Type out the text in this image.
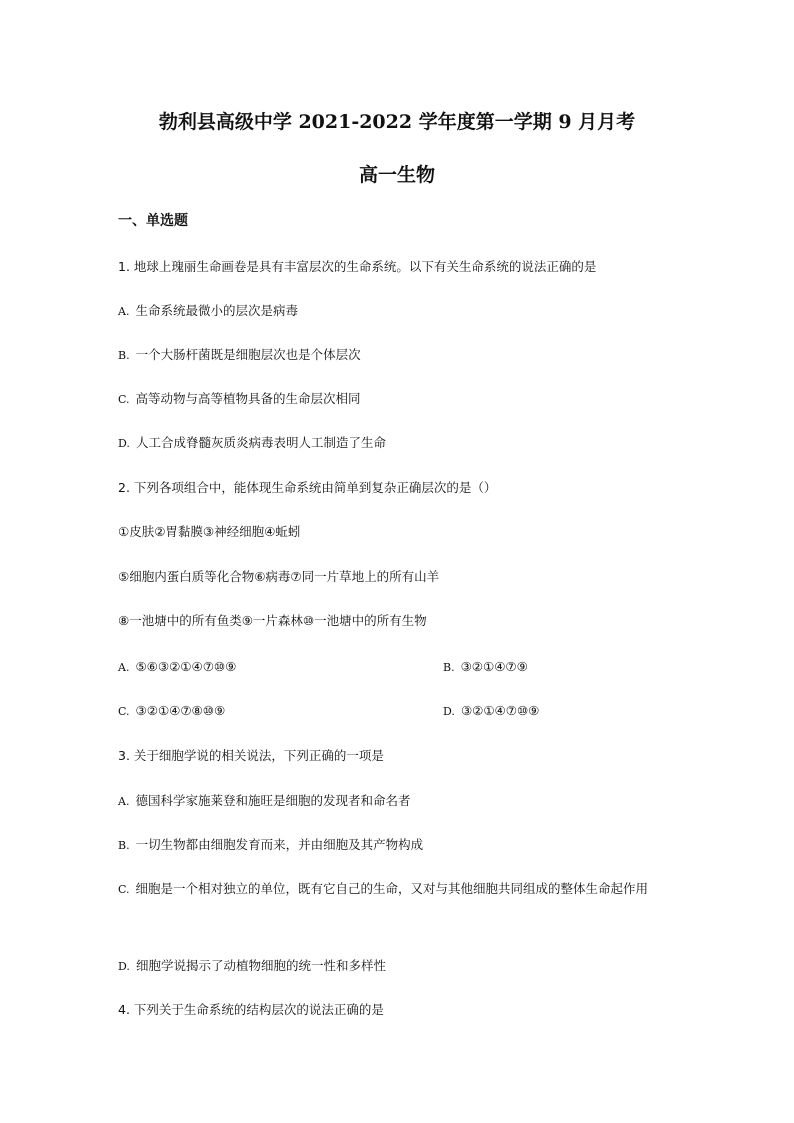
勃利县高级中学 2021-2022 学年度第一学期 9 月月考
高一生物
一、单选题
1. 地球上瑰丽生命画卷是具有丰富层次的生命系统。以下有关生命系统的说法正确的是
A. 生命系统最微小的层次是病毒
B. 一个大肠杆菌既是细胞层次也是个体层次
C. 高等动物与高等植物具备的生命层次相同
D. 人工合成脊髓灰质炎病毒表明人工制造了生命
2. 下列各项组合中，能体现生命系统由简单到复杂正确层次的是（）
①皮肤②胃黏膜③神经细胞④蚯蚓
⑤细胞内蛋白质等化合物⑥病毒⑦同一片草地上的所有山羊
⑧一池塘中的所有鱼类⑨一片森林⑩一池塘中的所有生物
A. ⑤⑥③②①④⑦⑩⑨	B. ③②①④⑦⑨
C. ③②①④⑦⑧⑩⑨	D. ③②①④⑦⑩⑨
3. 关于细胞学说的相关说法，下列正确的一项是
A. 德国科学家施莱登和施旺是细胞的发现者和命名者
B. 一切生物都由细胞发育而来，并由细胞及其产物构成
C. 细胞是一个相对独立的单位，既有它自己的生命，又对与其他细胞共同组成的整体生命起作用
D. 细胞学说揭示了动植物细胞的统一性和多样性
4. 下列关于生命系统的结构层次的说法正确的是
